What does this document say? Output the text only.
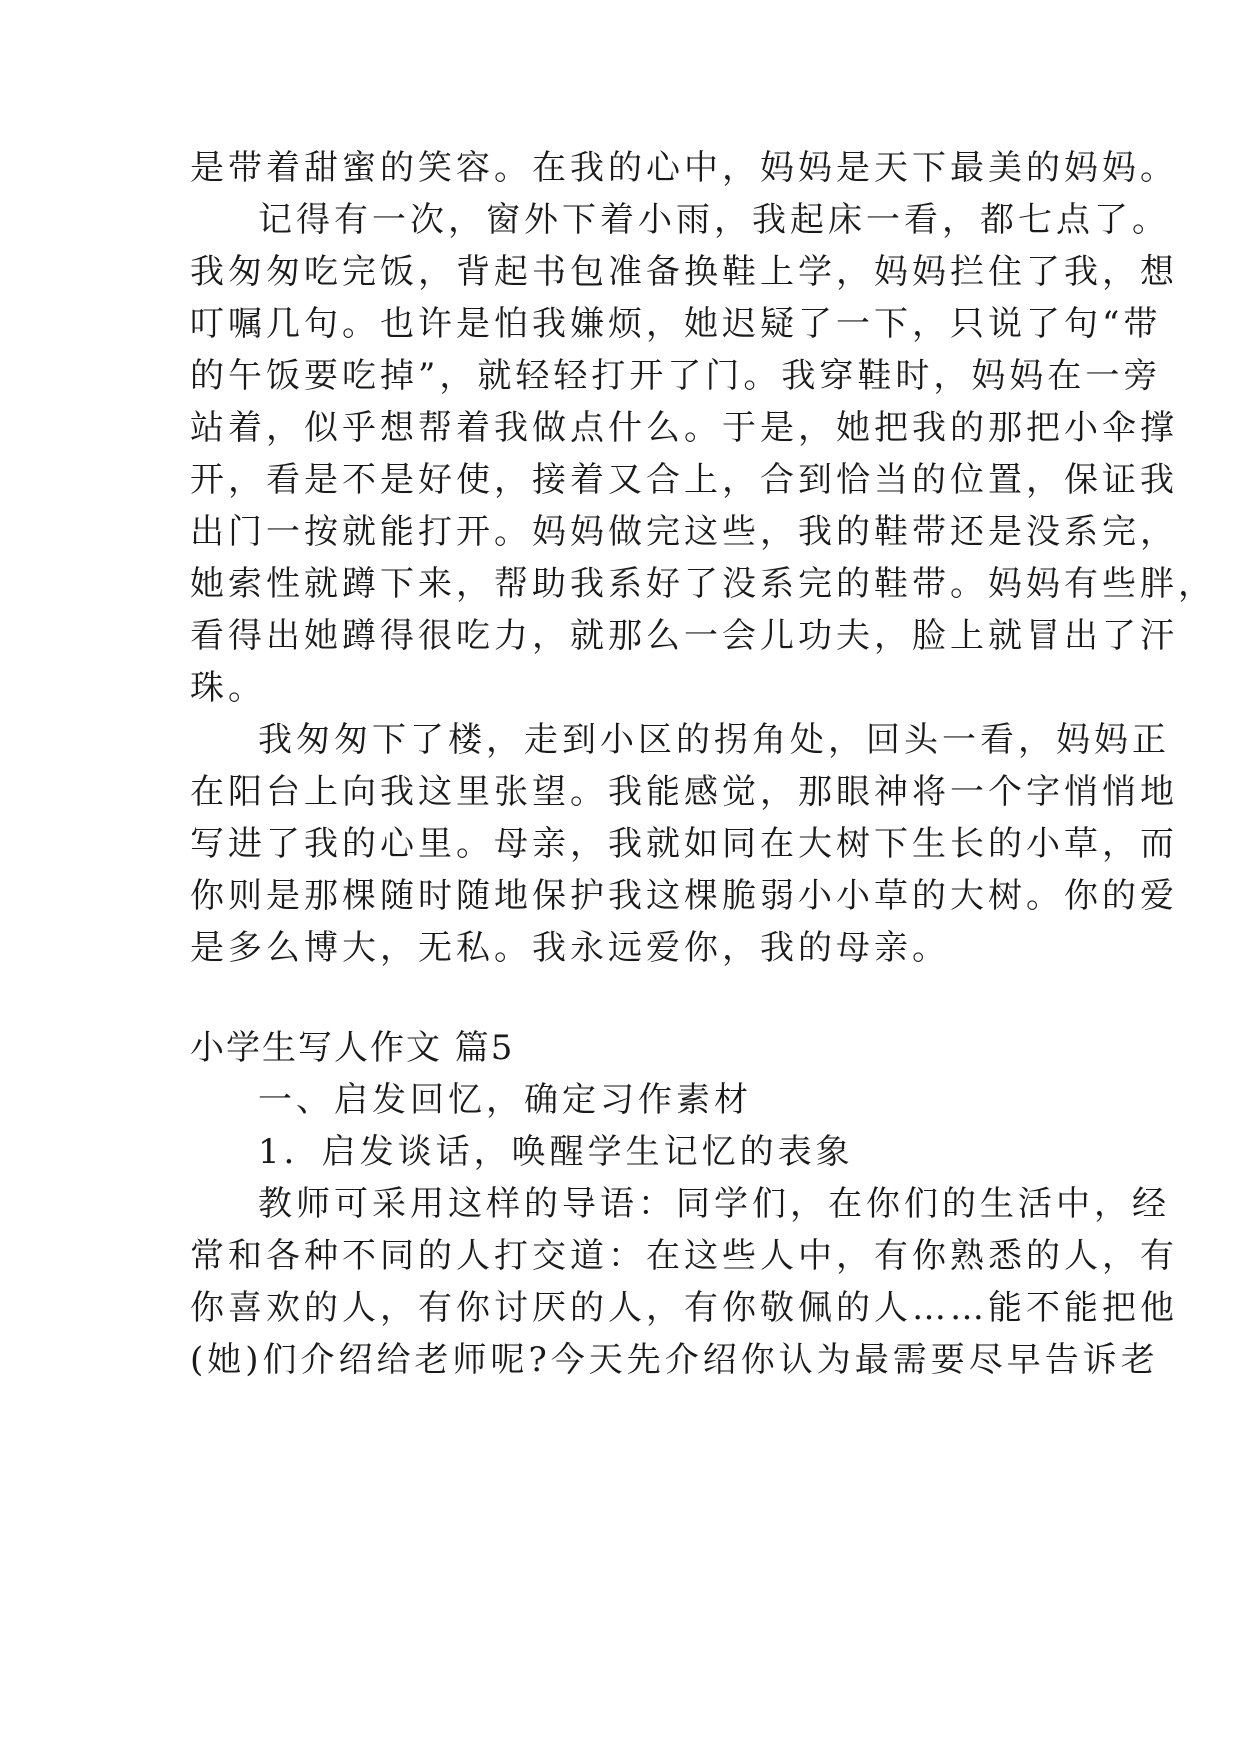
是带着甜蜜的笑容。在我的心中，妈妈是天下最美的妈妈。
记得有一次，窗外下着小雨，我起床一看，都七点了。
我匆匆吃完饭，背起书包准备换鞋上学，妈妈拦住了我，想
叮嘱几句。也许是怕我嫌烦，她迟疑了一下，只说了句“带
的午饭要吃掉”，就轻轻打开了门。我穿鞋时，妈妈在一旁
站着，似乎想帮着我做点什么。于是，她把我的那把小伞撑
开，看是不是好使，接着又合上，合到恰当的位置，保证我
出门一按就能打开。妈妈做完这些，我的鞋带还是没系完，
她索性就蹲下来，帮助我系好了没系完的鞋带。妈妈有些胖，
看得出她蹲得很吃力，就那么一会儿功夫，脸上就冒出了汗
珠。
我匆匆下了楼，走到小区的拐角处，回头一看，妈妈正
在阳台上向我这里张望。我能感觉，那眼神将一个字悄悄地
写进了我的心里。母亲，我就如同在大树下生长的小草，而
你则是那棵随时随地保护我这棵脆弱小小草的大树。你的爱
是多么博大，无私。我永远爱你，我的母亲。
小学生写人作文 篇5
一、启发回忆，确定习作素材
1．启发谈话，唤醒学生记忆的表象
教师可采用这样的导语：同学们，在你们的生活中，经
常和各种不同的人打交道：在这些人中，有你熟悉的人，有
你喜欢的人，有你讨厌的人，有你敬佩的人……能不能把他
(她)们介绍给老师呢?今天先介绍你认为最需要尽早告诉老
